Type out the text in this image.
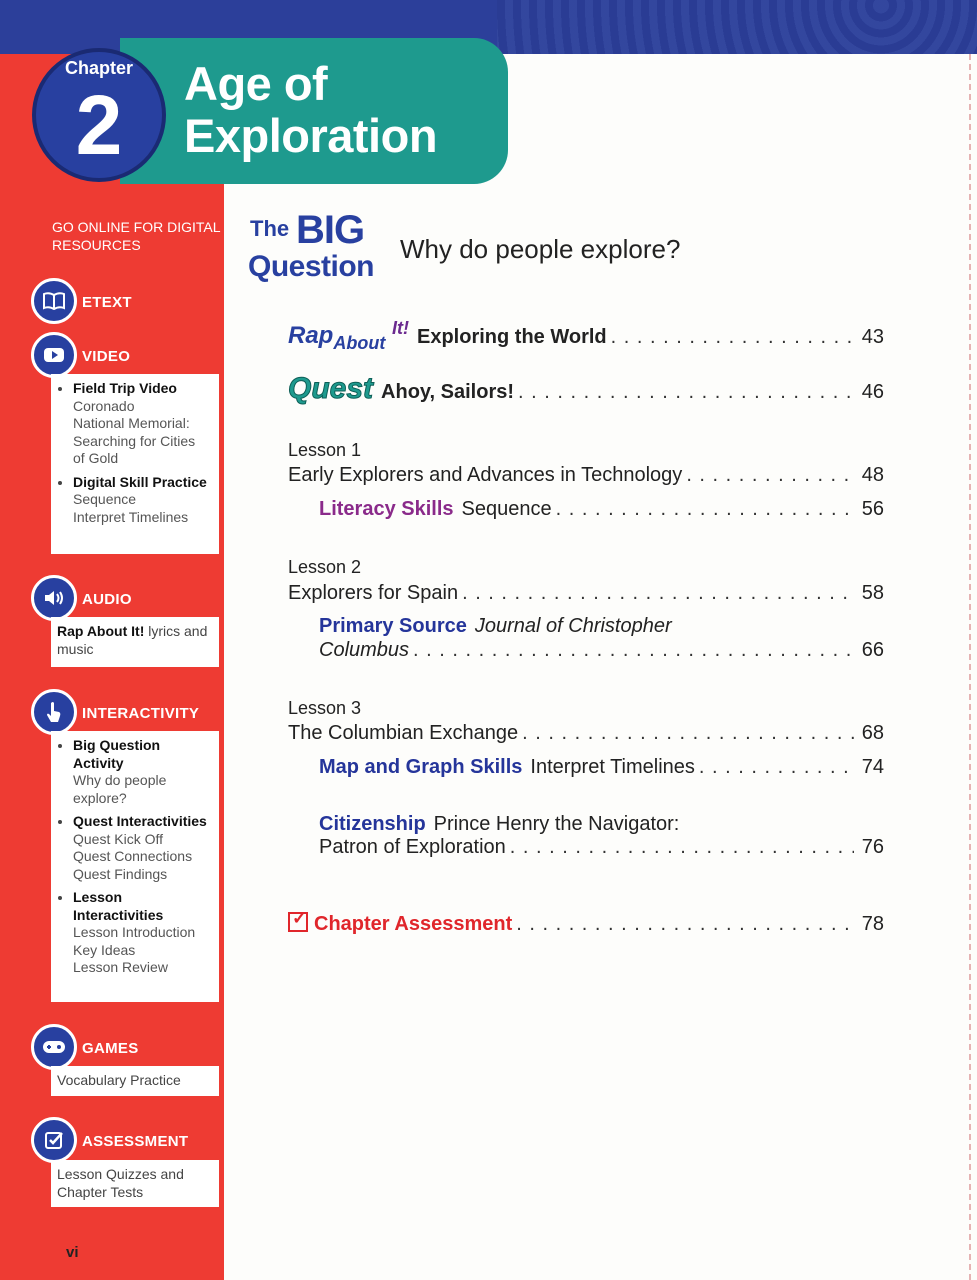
Age of
Exploration
Chapter
2
GO ONLINE FOR DIGITAL RESOURCES
ETEXT
VIDEO
• Field Trip Video
Coronado
National Memorial:
Searching for Cities
of Gold
• Digital Skill Practice
Sequence
Interpret Timelines
AUDIO
Rap About It! lyrics and music
INTERACTIVITY
• Big Question Activity
Why do people
explore?
• Quest Interactivities
Quest Kick Off
Quest Connections
Quest Findings
• Lesson Interactivities
Lesson Introduction
Key Ideas
Lesson Review
GAMES
Vocabulary Practice
ASSESSMENT
Lesson Quizzes and Chapter Tests
vi
The BIG
Question
Why do people explore?
Rap$_{About}$ $^{It!}$ Exploring the World . . .	43
Quest Ahoy, Sailors! . . .	46
Lesson 1
Early Explorers and Advances in Technology . . .	48
Literacy Skills Sequence . . .	56
Lesson 2
Explorers for Spain . . .	58
Primary Source Journal of Christopher
Columbus . . .	66
Lesson 3
The Columbian Exchange . . .	68
Map and Graph Skills Interpret Timelines . . .	74
Citizenship Prince Henry the Navigator:
Patron of Exploration . . .	76
✓
Chapter Assessment . . .	78
